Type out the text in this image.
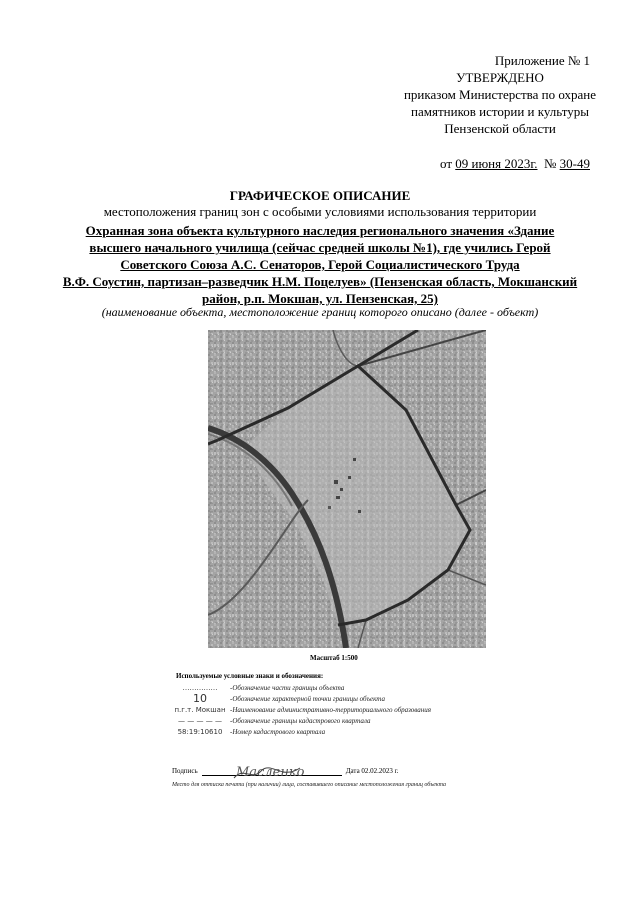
Приложение № 1
УТВЕРЖДЕНО
приказом Министерства по охране
памятников истории и культуры
Пензенской области
от 09 июня 2023г. № 30-49
ГРАФИЧЕСКОЕ ОПИСАНИЕ
местоположения границ зон с особыми условиями использования территории
Охранная зона объекта культурного наследия регионального значения «Здание
высшего начального училища (сейчас средней школы №1), где учились Герой
Советского Союза А.С. Сенаторов, Герой Социалистического Труда
В.Ф. Соустин, партизан–разведчик Н.М. Поцелуев» (Пензенская область, Мокшанский
район, р.п. Мокшан, ул. Пензенская, 25)
(наименование объекта, местоположение границ которого описано (далее - объект)
Масштаб 1:500
Используемые условные знаки и обозначения:
……………	-Обозначение части границы объекта
10	-Обозначение характерной точки границы объекта
п.г.т. Мокшан -Наименование административно-территориального образования
— — — — —	-Обозначение границы кадастрового квартала
58:19:10610	-Номер кадастрового квартала
Подпись	Дата 02.02.2023 г.
Место для оттиска печати (при наличии) лица, составившего описание местоположения границ объекта
Масленко
